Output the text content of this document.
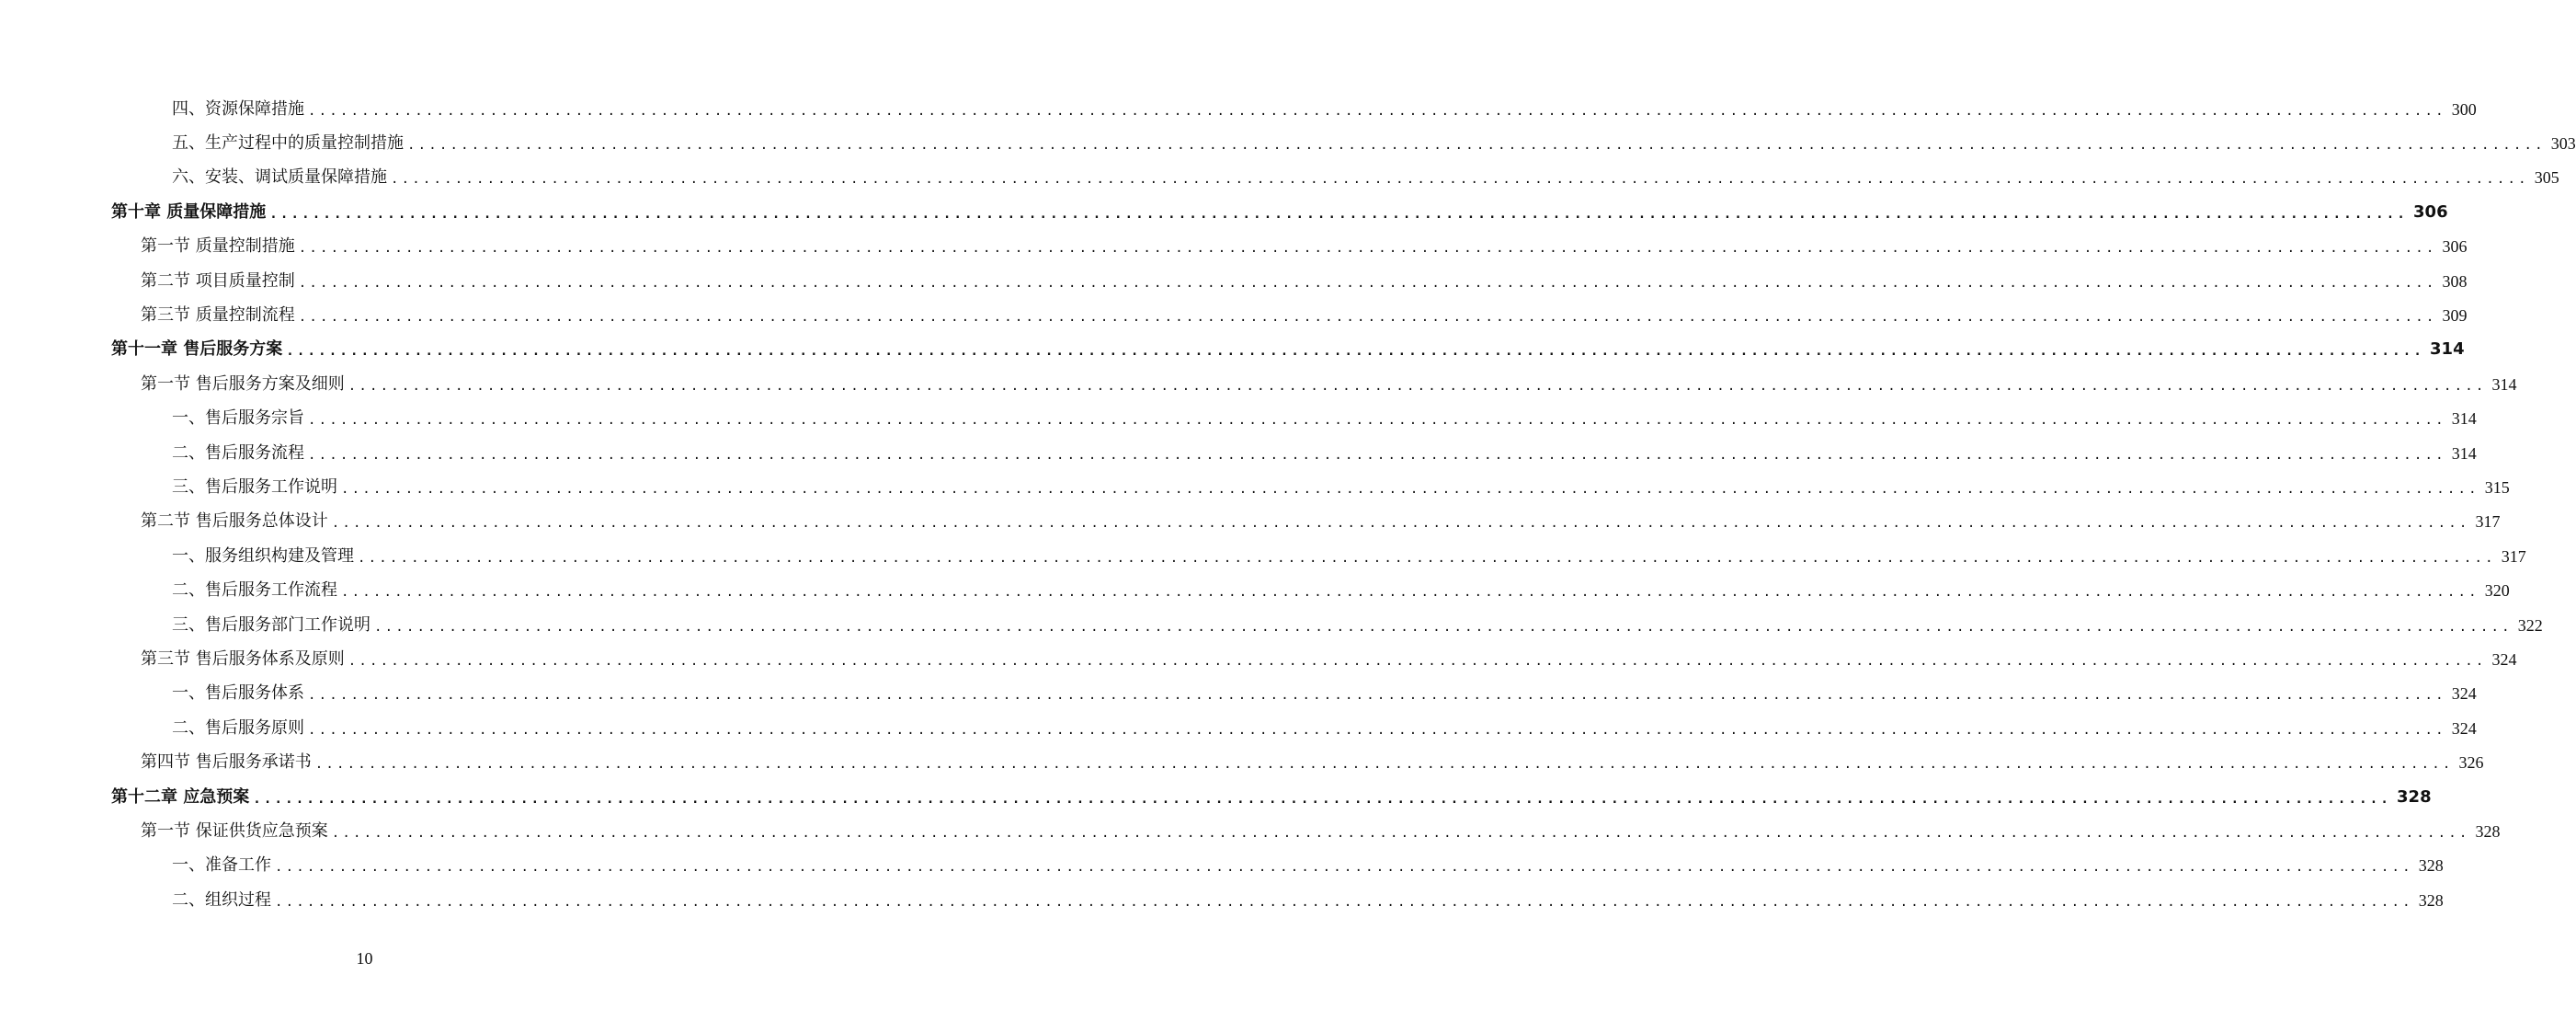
四、资源保障措施 ........................................................................................................................................................................................................ 300
五、生产过程中的质量控制措施 ........................................................................................................................................................................................................ 303
六、安装、调试质量保障措施 ........................................................................................................................................................................................................ 305
第十章 质量保障措施 ........................................................................................................................................................................................................ 306
第一节 质量控制措施 ........................................................................................................................................................................................................ 306
第二节 项目质量控制 ........................................................................................................................................................................................................ 308
第三节 质量控制流程 ........................................................................................................................................................................................................ 309
第十一章 售后服务方案 ........................................................................................................................................................................................................ 314
第一节 售后服务方案及细则 ........................................................................................................................................................................................................ 314
一、售后服务宗旨 ........................................................................................................................................................................................................ 314
二、售后服务流程 ........................................................................................................................................................................................................ 314
三、售后服务工作说明 ........................................................................................................................................................................................................ 315
第二节 售后服务总体设计 ........................................................................................................................................................................................................ 317
一、服务组织构建及管理 ........................................................................................................................................................................................................ 317
二、售后服务工作流程 ........................................................................................................................................................................................................ 320
三、售后服务部门工作说明 ........................................................................................................................................................................................................ 322
第三节 售后服务体系及原则 ........................................................................................................................................................................................................ 324
一、售后服务体系 ........................................................................................................................................................................................................ 324
二、售后服务原则 ........................................................................................................................................................................................................ 324
第四节 售后服务承诺书 ........................................................................................................................................................................................................ 326
第十二章 应急预案 ........................................................................................................................................................................................................ 328
第一节 保证供货应急预案 ........................................................................................................................................................................................................ 328
一、准备工作 ........................................................................................................................................................................................................ 328
二、组织过程 ........................................................................................................................................................................................................ 328
10
